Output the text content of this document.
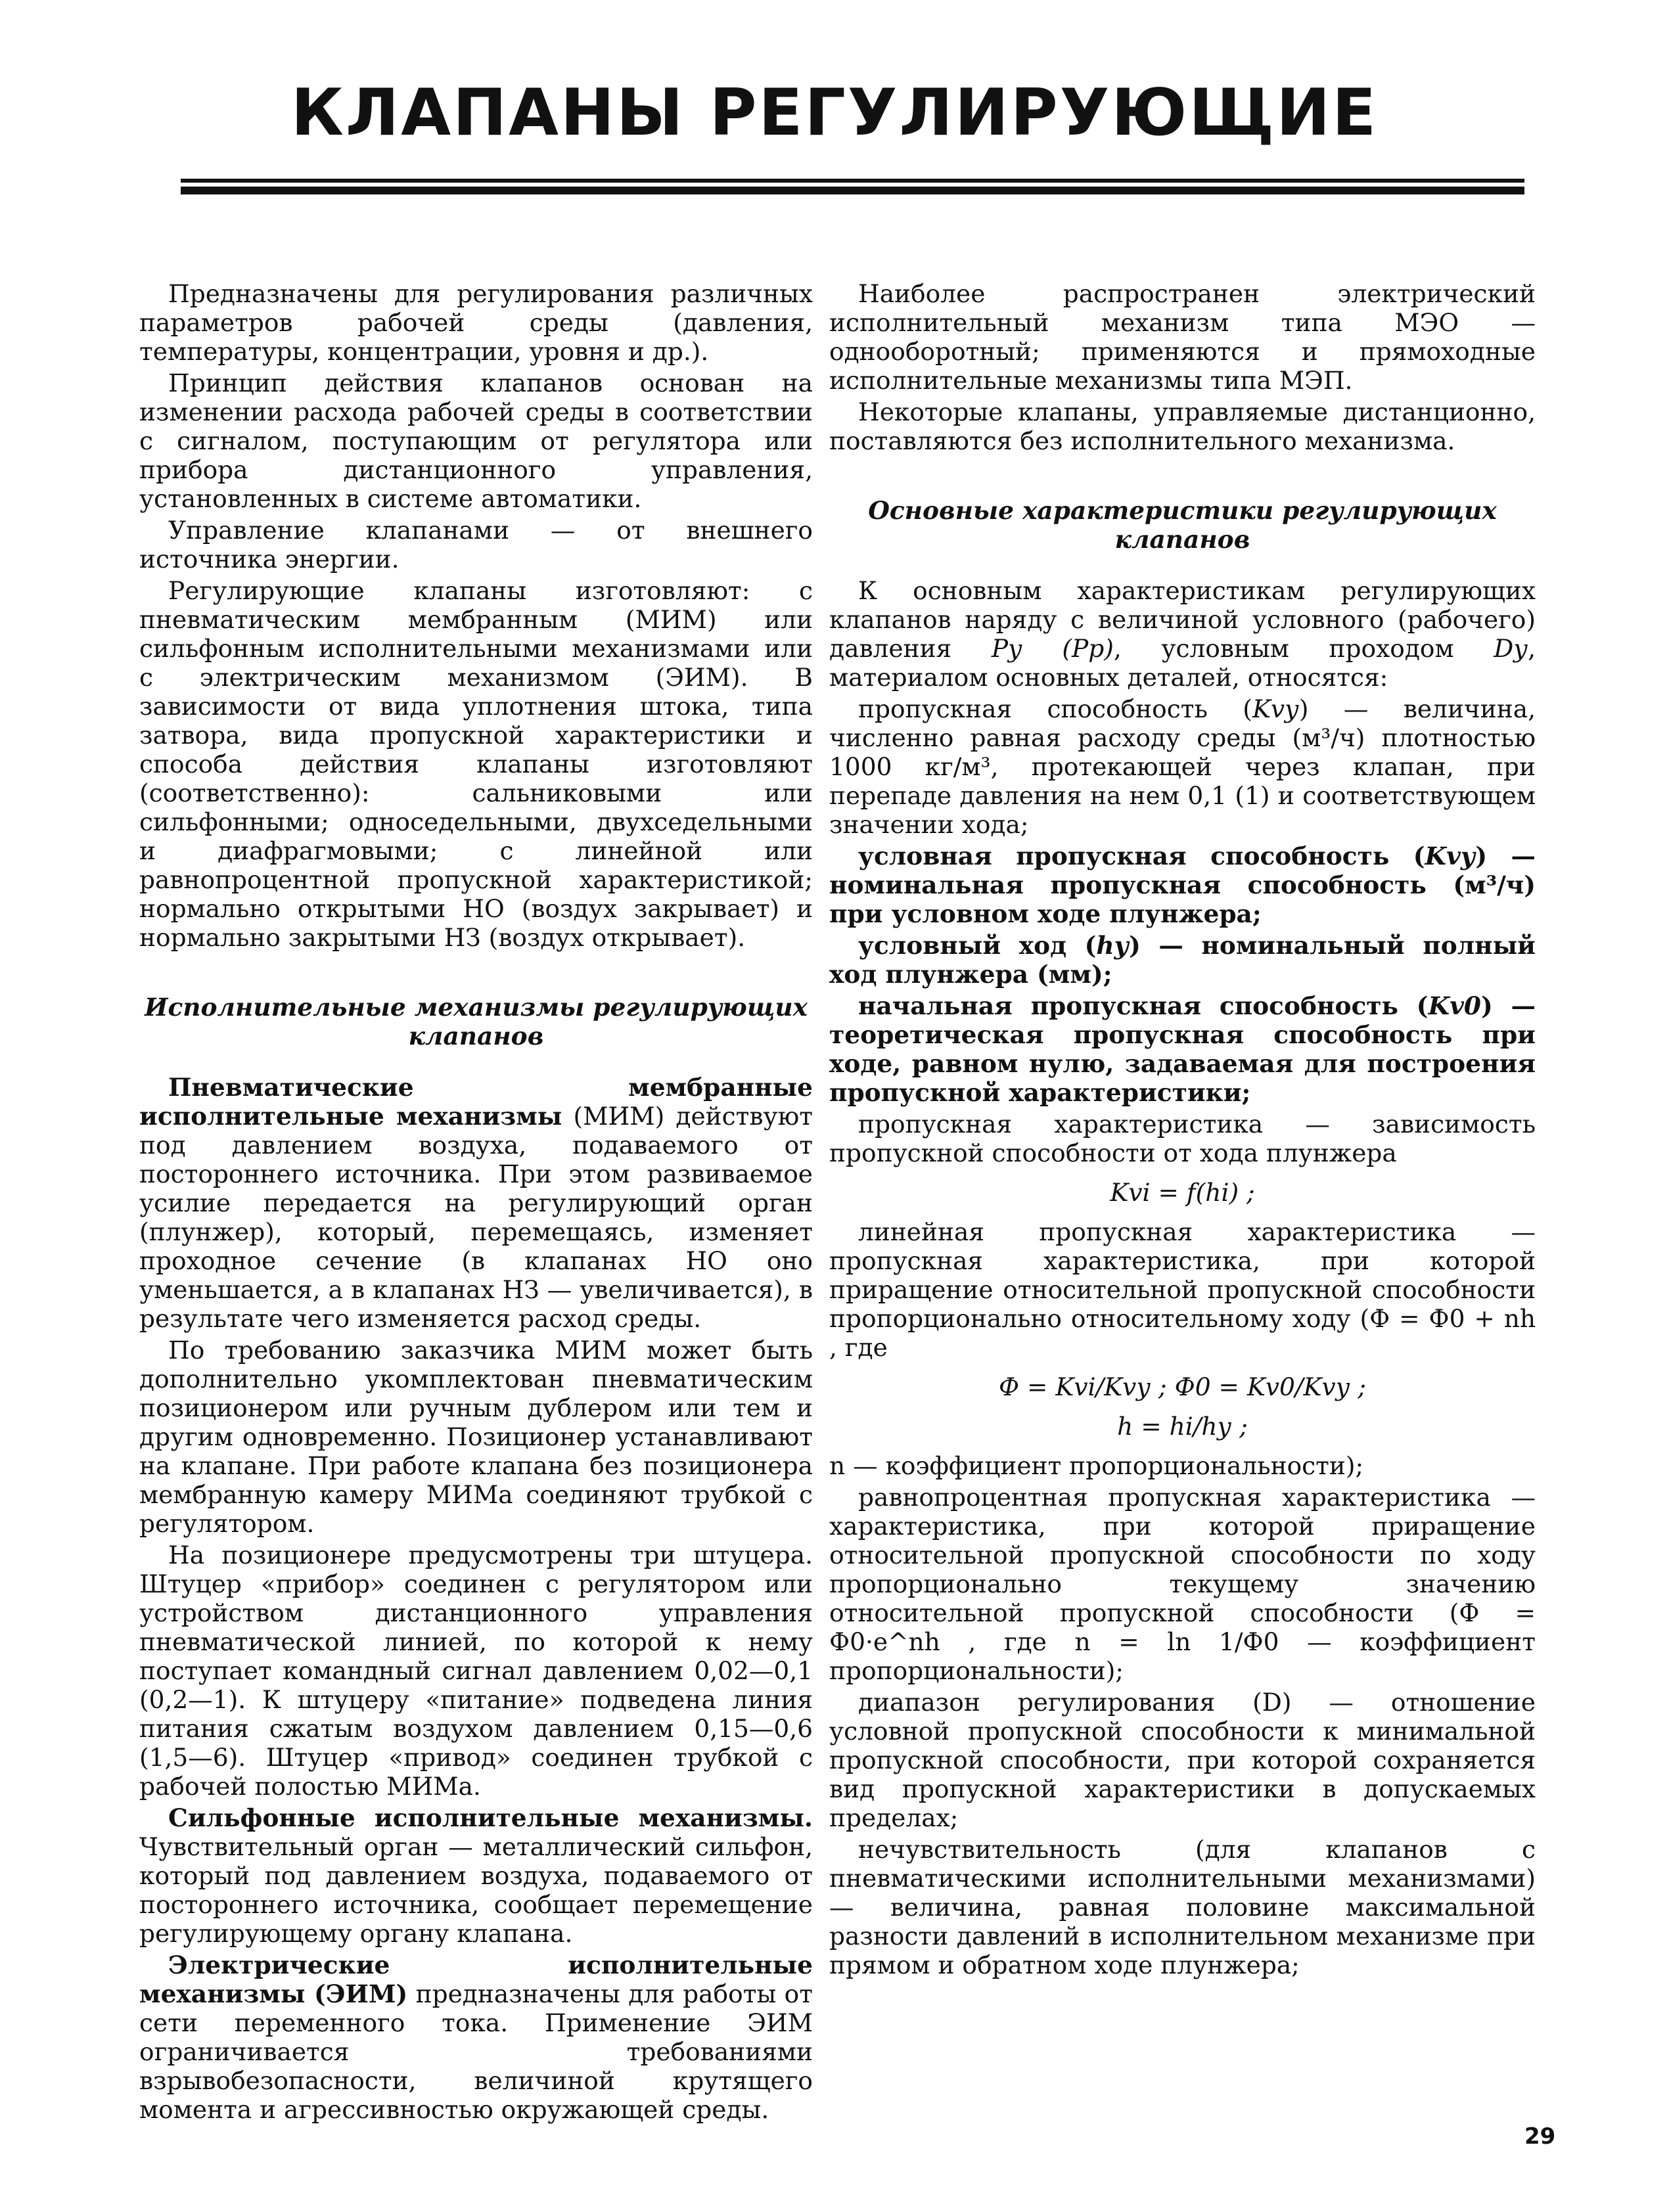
КЛАПАНЫ РЕГУЛИРУЮЩИЕ

Предназначены для регулирования различных параметров рабочей среды (давления, температуры, концентрации, уровня и др.).

Принцип действия клапанов основан на изменении расхода рабочей среды в соответствии с сигналом, поступающим от регулятора или прибора дистанционного управления, установленных в системе автоматики.

Управление клапанами — от внешнего источника энергии.

Регулирующие клапаны изготовляют: с пневматическим мембранным (МИМ) или сильфонным исполнительными механизмами или с электрическим механизмом (ЭИМ). В зависимости от вида уплотнения штока, типа затвора, вида пропускной характеристики и способа действия клапаны изготовляют (соответственно): сальниковыми или сильфонными; односедельными, двухседельными и диафрагмовыми; с линейной или равнопроцентной пропускной характеристикой; нормально открытыми НО (воздух закрывает) и нормально закрытыми НЗ (воздух открывает).

Исполнительные механизмы регулирующих клапанов

Пневматические мембранные исполнительные механизмы (МИМ) действуют под давлением воздуха, подаваемого от постороннего источника. При этом развиваемое усилие передается на регулирующий орган (плунжер), который, перемещаясь, изменяет проходное сечение (в клапанах НО оно уменьшается, а в клапанах НЗ — увеличивается), в результате чего изменяется расход среды.

По требованию заказчика МИМ может быть дополнительно укомплектован пневматическим позиционером или ручным дублером или тем и другим одновременно. Позиционер устанавливают на клапане. При работе клапана без позиционера мембранную камеру МИМа соединяют трубкой с регулятором.

На позиционере предусмотрены три штуцера. Штуцер «прибор» соединен с регулятором или устройством дистанционного управления пневматической линией, по которой к нему поступает командный сигнал давлением 0,02—0,1 (0,2—1). К штуцеру «питание» подведена линия питания сжатым воздухом давлением 0,15—0,6 (1,5—6). Штуцер «привод» соединен трубкой с рабочей полостью МИМа.

Сильфонные исполнительные механизмы. Чувствительный орган — металлический сильфон, который под давлением воздуха, подаваемого от постороннего источника, сообщает перемещение регулирующему органу клапана.

Электрические исполнительные механизмы (ЭИМ) предназначены для работы от сети переменного тока. Применение ЭИМ ограничивается требованиями взрывобезопасности, величиной крутящего момента и агрессивностью окружающей среды.

Наиболее распространен электрический исполнительный механизм типа МЭО — однооборотный; применяются и прямоходные исполнительные механизмы типа МЭП.

Некоторые клапаны, управляемые дистанционно, поставляются без исполнительного механизма.

Основные характеристики регулирующих клапанов

К основным характеристикам регулирующих клапанов наряду с величиной условного (рабочего) давления Pу (Pр), условным проходом Dу, материалом основных деталей, относятся:

пропускная способность (Kvу) — величина, численно равная расходу среды (м³/ч) плотностью 1000 кг/м³, протекающей через клапан, при перепаде давления на нем 0,1 (1) и соответствующем значении хода;

условная пропускная способность (Kvу) — номинальная пропускная способность (м³/ч) при условном ходе плунжера;

условный ход (hу) — номинальный полный ход плунжера (мм);

начальная пропускная способность (Kv0) — теоретическая пропускная способность при ходе, равном нулю, задаваемая для построения пропускной характеристики;

пропускная характеристика — зависимость пропускной способности от хода плунжера

Kvi = f(hi) ;

линейная пропускная характеристика — пропускная характеристика, при которой приращение относительной пропускной способности пропорционально относительному ходу (Ф = Ф0 + nh , где

Ф = Kvi/Kvу ; Ф0 = Kv0/Kvу ;

h = hi/hу ;

n — коэффициент пропорциональности);

равнопроцентная пропускная характеристика — характеристика, при которой приращение относительной пропускной способности по ходу пропорционально текущему значению относительной пропускной способности (Ф = Ф0·e^nh , где n = ln 1/Ф0 — коэффициент пропорциональности);

диапазон регулирования (D) — отношение условной пропускной способности к минимальной пропускной способности, при которой сохраняется вид пропускной характеристики в допускаемых пределах;

нечувствительность (для клапанов с пневматическими исполнительными механизмами) — величина, равная половине максимальной разности давлений в исполнительном механизме при прямом и обратном ходе плунжера;

29
